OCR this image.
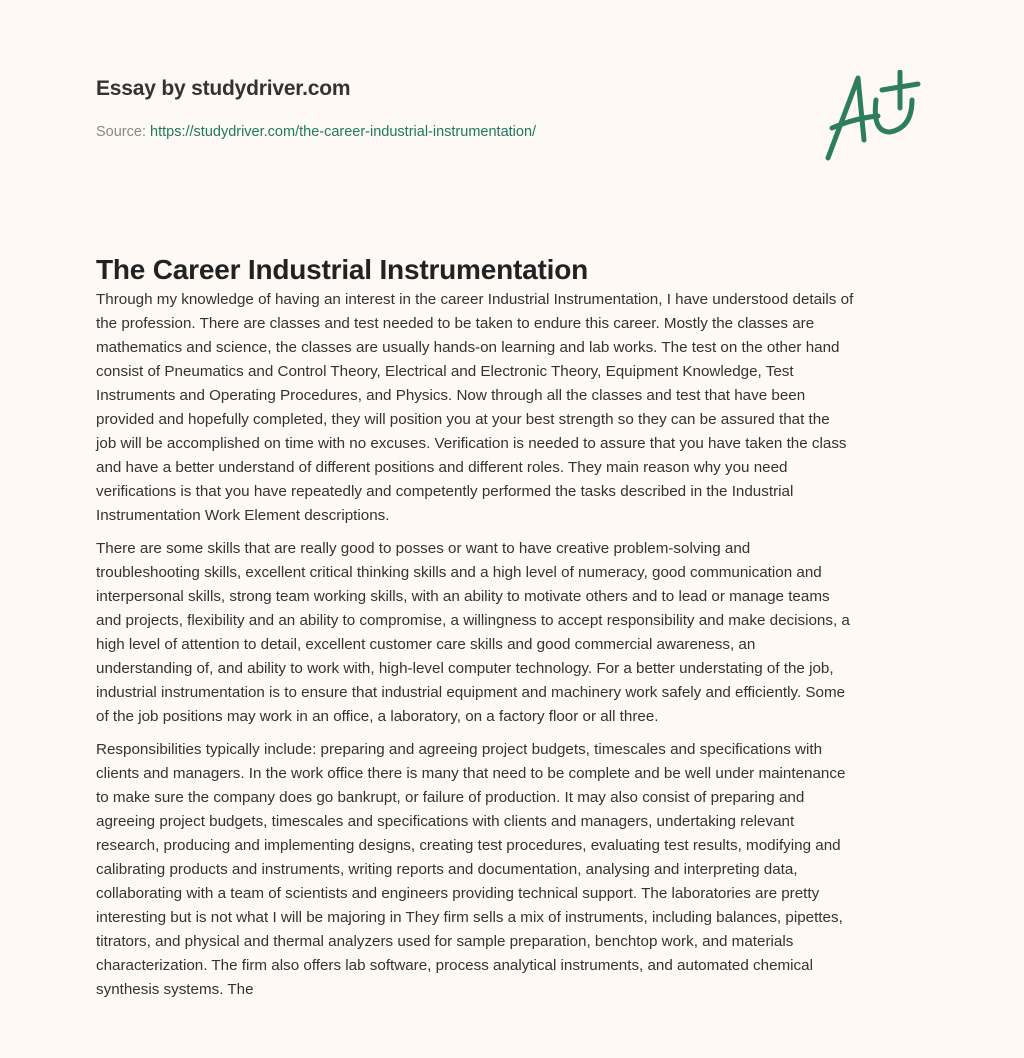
Essay by studydriver.com
Source: https://studydriver.com/the-career-industrial-instrumentation/
The Career Industrial Instrumentation

Through my knowledge of having an interest in the career Industrial Instrumentation, I have understood details of
the profession. There are classes and test needed to be taken to endure this career. Mostly the classes are
mathematics and science, the classes are usually hands-on learning and lab works. The test on the other hand
consist of Pneumatics and Control Theory, Electrical and Electronic Theory, Equipment Knowledge, Test
Instruments and Operating Procedures, and Physics. Now through all the classes and test that have been
provided and hopefully completed, they will position you at your best strength so they can be assured that the
job will be accomplished on time with no excuses. Verification is needed to assure that you have taken the class
and have a better understand of different positions and different roles. They main reason why you need
verifications is that you have repeatedly and competently performed the tasks described in the Industrial
Instrumentation Work Element descriptions.

There are some skills that are really good to posses or want to have creative problem-solving and
troubleshooting skills, excellent critical thinking skills and a high level of numeracy, good communication and
interpersonal skills, strong team working skills, with an ability to motivate others and to lead or manage teams
and projects, flexibility and an ability to compromise, a willingness to accept responsibility and make decisions, a
high level of attention to detail, excellent customer care skills and good commercial awareness, an
understanding of, and ability to work with, high-level computer technology. For a better understating of the job,
industrial instrumentation is to ensure that industrial equipment and machinery work safely and efficiently. Some
of the job positions may work in an office, a laboratory, on a factory floor or all three.

Responsibilities typically include: preparing and agreeing project budgets, timescales and specifications with
clients and managers. In the work office there is many that need to be complete and be well under maintenance
to make sure the company does go bankrupt, or failure of production. It may also consist of preparing and
agreeing project budgets, timescales and specifications with clients and managers, undertaking relevant
research, producing and implementing designs, creating test procedures, evaluating test results, modifying and
calibrating products and instruments, writing reports and documentation, analysing and interpreting data,
collaborating with a team of scientists and engineers providing technical support. The laboratories are pretty
interesting but is not what I will be majoring in They firm sells a mix of instruments, including balances, pipettes,
titrators, and physical and thermal analyzers used for sample preparation, benchtop work, and materials
characterization. The firm also offers lab software, process analytical instruments, and automated chemical
synthesis systems. The
